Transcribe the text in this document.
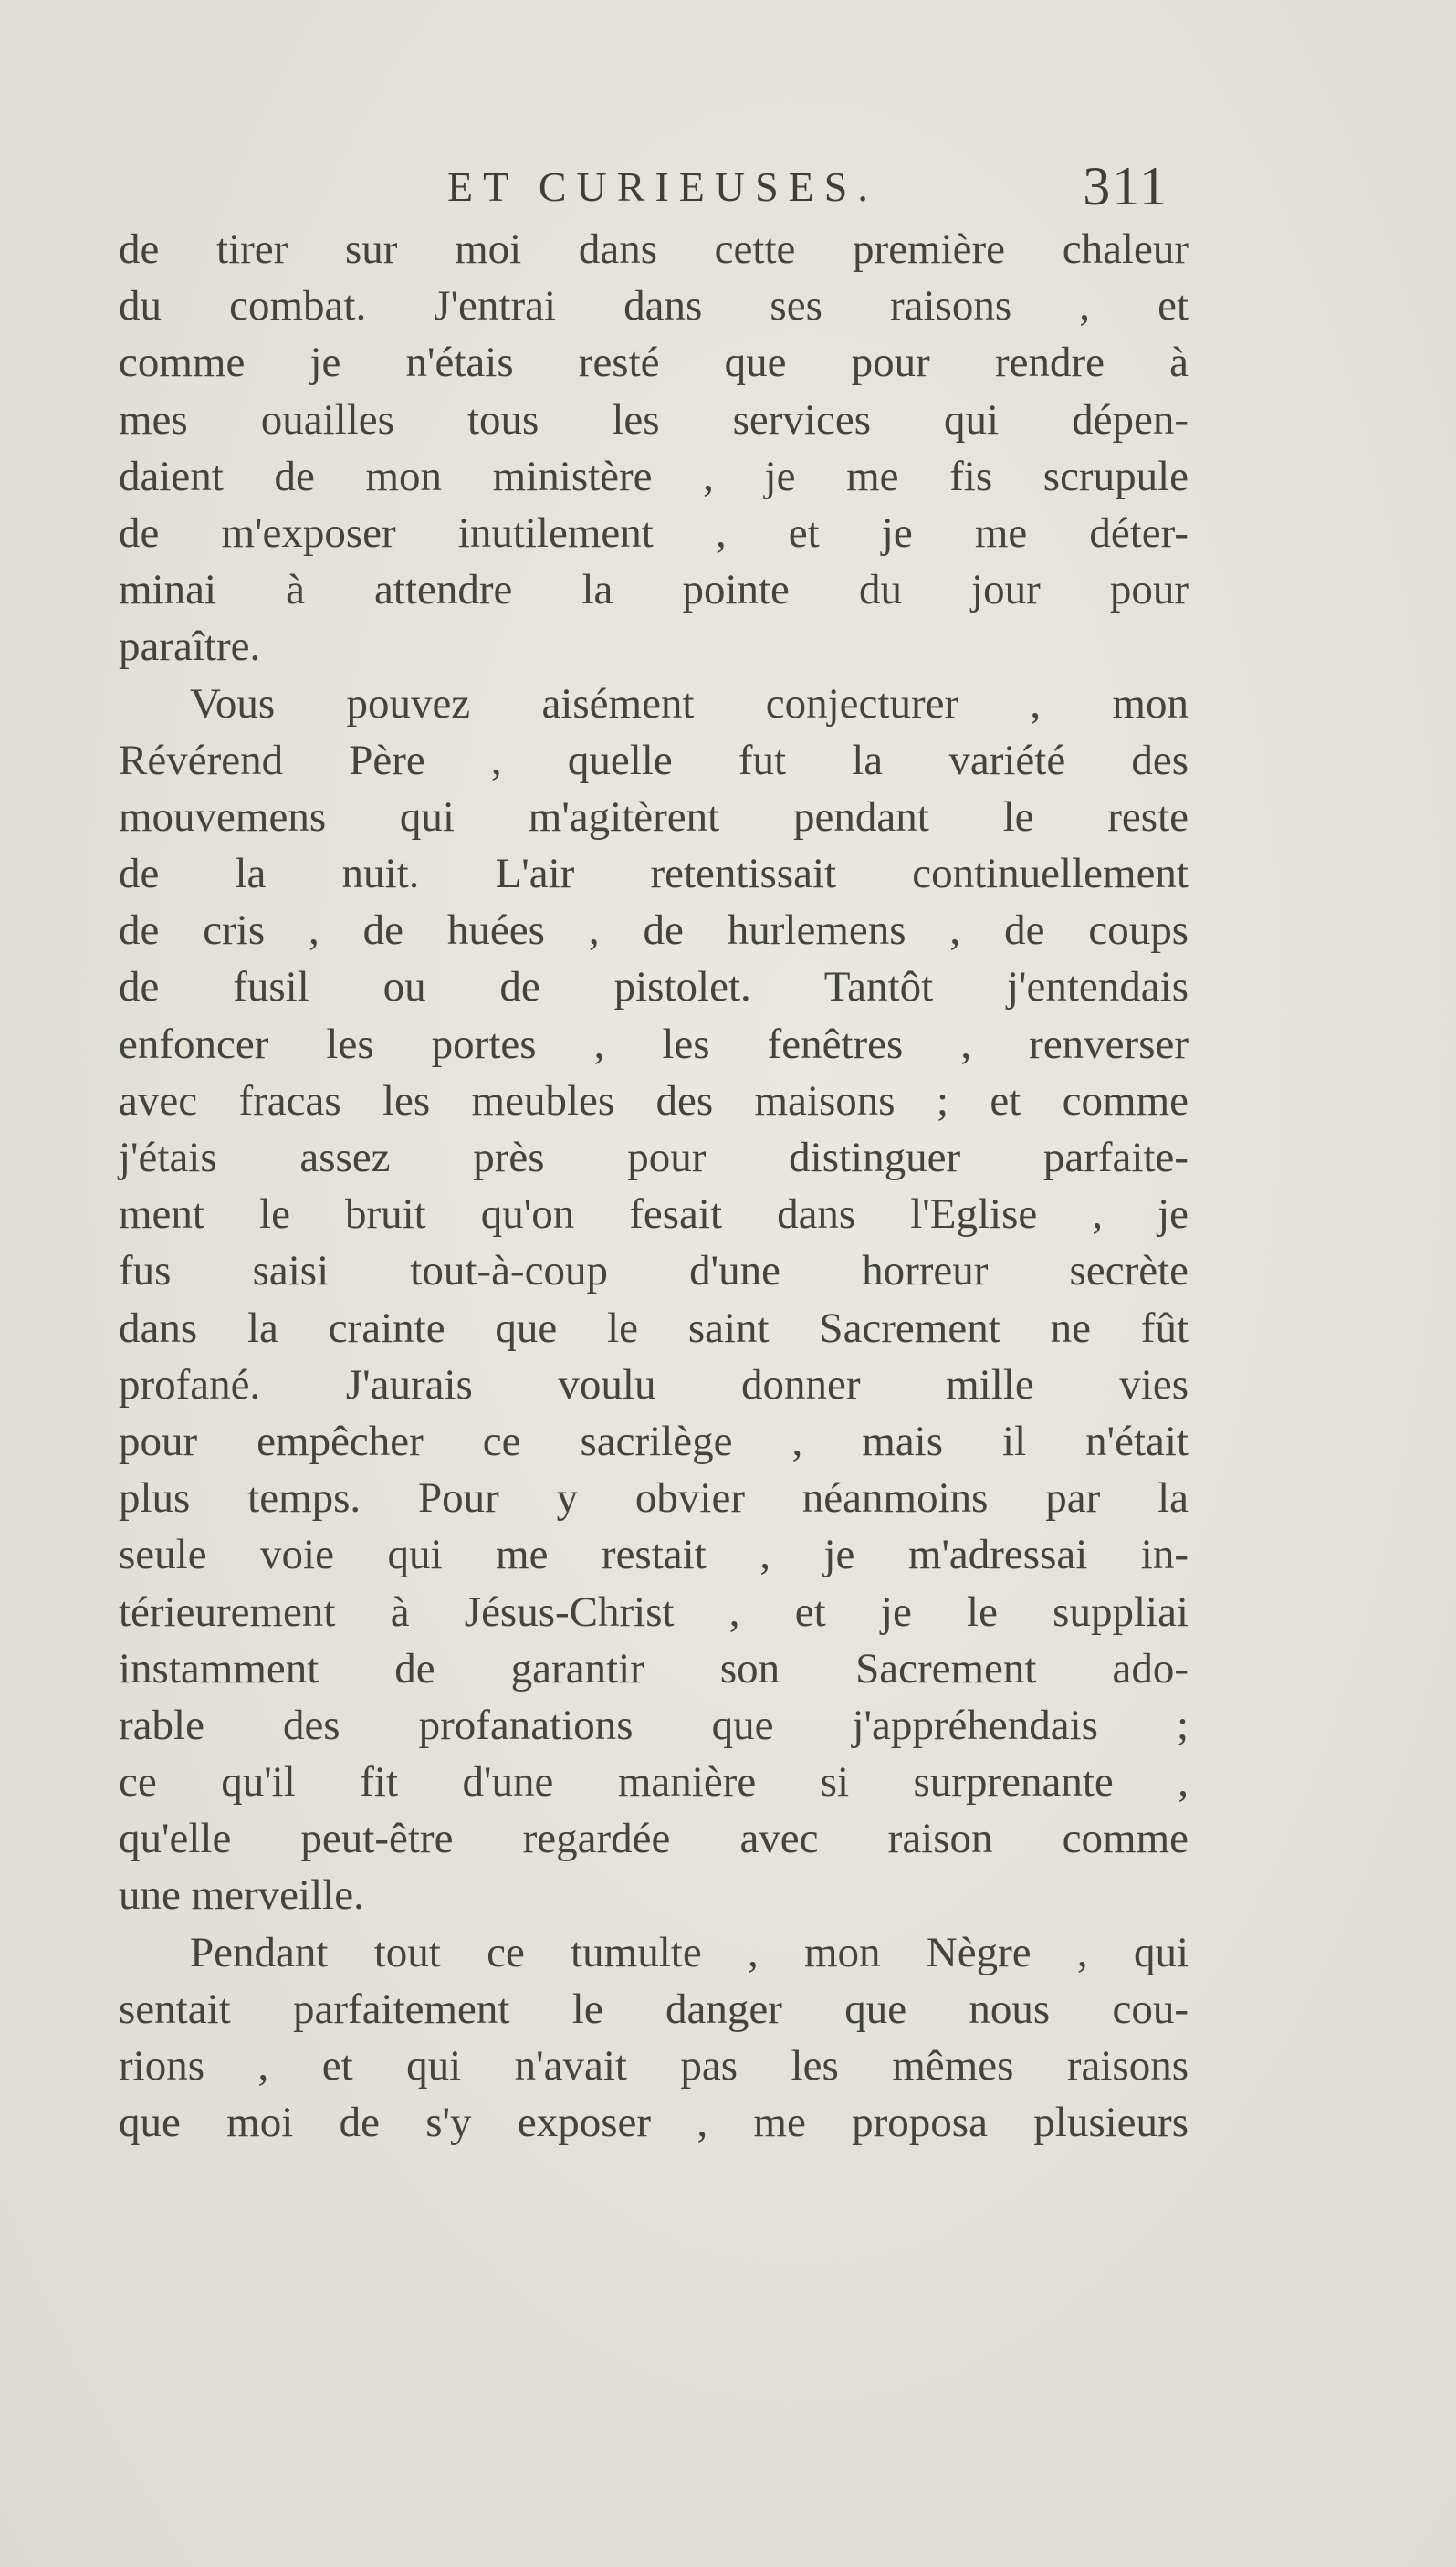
ET CURIEUSES.	311
de tirer sur moi dans cette première chaleur
du combat. J'entrai dans ses raisons , et
comme je n'étais resté que pour rendre à
mes ouailles tous les services qui dépen-
daient de mon ministère , je me fis scrupule
de m'exposer inutilement , et je me déter-
minai à attendre la pointe du jour pour
paraître.
Vous pouvez aisément conjecturer , mon
Révérend Père , quelle fut la variété des
mouvemens qui m'agitèrent pendant le reste
de la nuit. L'air retentissait continuellement
de cris , de huées , de hurlemens , de coups
de fusil ou de pistolet. Tantôt j'entendais
enfoncer les portes , les fenêtres , renverser
avec fracas les meubles des maisons ; et comme
j'étais assez près pour distinguer parfaite-
ment le bruit qu'on fesait dans l'Eglise , je
fus saisi tout-à-coup d'une horreur secrète
dans la crainte que le saint Sacrement ne fût
profané. J'aurais voulu donner mille vies
pour empêcher ce sacrilège , mais il n'était
plus temps. Pour y obvier néanmoins par la
seule voie qui me restait , je m'adressai in-
térieurement à Jésus-Christ , et je le suppliai
instamment de garantir son Sacrement ado-
rable des profanations que j'appréhendais ;
ce qu'il fit d'une manière si surprenante ,
qu'elle peut-être regardée avec raison comme
une merveille.
Pendant tout ce tumulte , mon Nègre , qui
sentait parfaitement le danger que nous cou-
rions , et qui n'avait pas les mêmes raisons
que moi de s'y exposer , me proposa plusieurs
